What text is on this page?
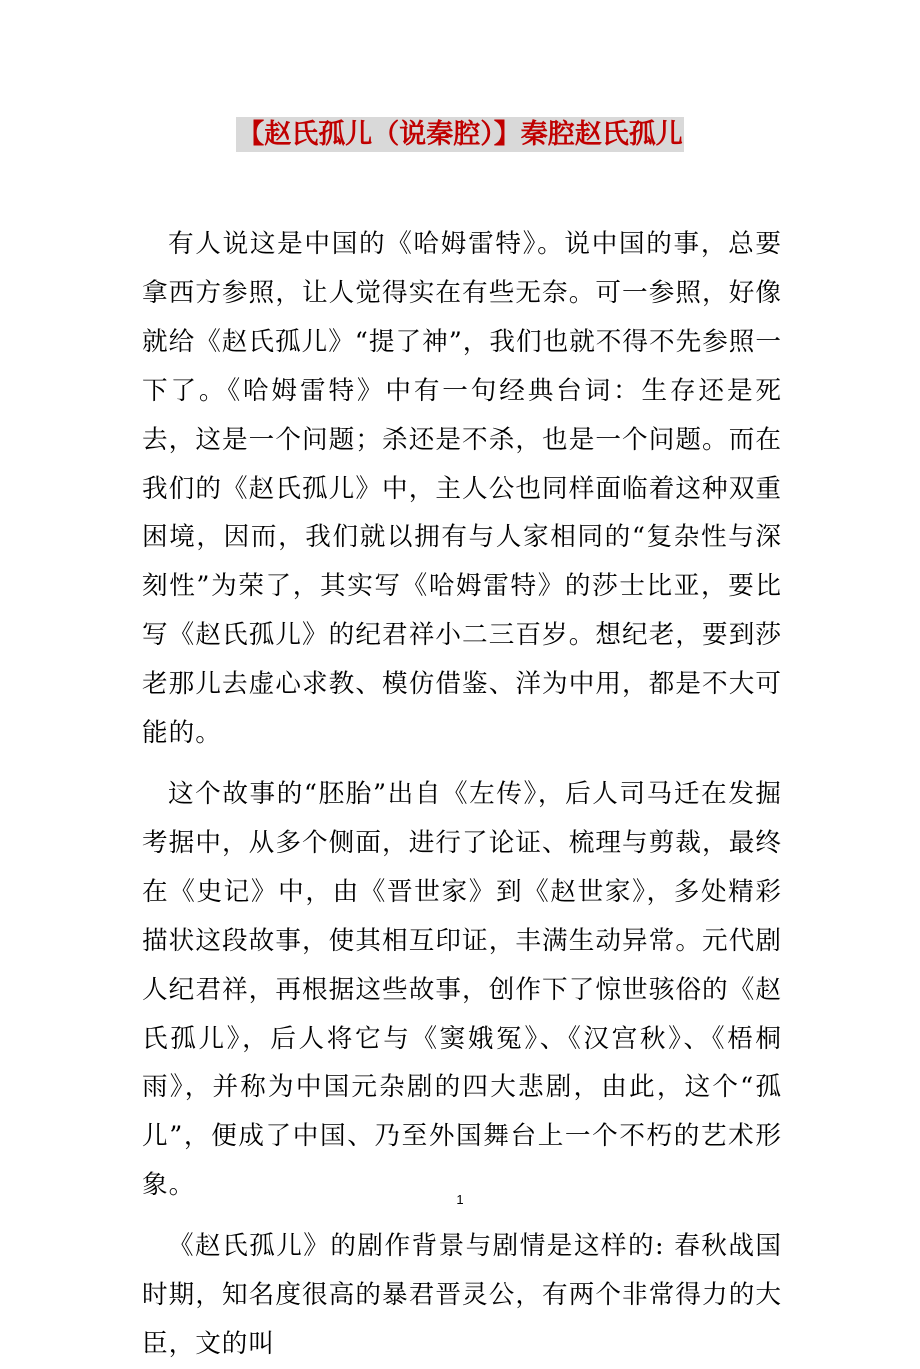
【赵氏孤儿（说秦腔）】秦腔赵氏孤儿

有人说这是中国的《哈姆雷特》。说中国的事，总要拿西方参照，让人觉得实在有些无奈。可一参照，好像就给《赵氏孤儿》“提了神”，我们也就不得不先参照一下了。《哈姆雷特》中有一句经典台词：生存还是死去，这是一个问题；杀还是不杀，也是一个问题。而在我们的《赵氏孤儿》中，主人公也同样面临着这种双重困境，因而，我们就以拥有与人家相同的“复杂性与深刻性”为荣了，其实写《哈姆雷特》的莎士比亚，要比写《赵氏孤儿》的纪君祥小二三百岁。想纪老，要到莎老那儿去虚心求教、模仿借鉴、洋为中用，都是不大可能的。

这个故事的“胚胎”出自《左传》，后人司马迁在发掘考据中，从多个侧面，进行了论证、梳理与剪裁，最终在《史记》中，由《晋世家》到《赵世家》，多处精彩描状这段故事，使其相互印证，丰满生动异常。元代剧人纪君祥，再根据这些故事，创作下了惊世骇俗的《赵氏孤儿》，后人将它与《窦娥冤》、《汉宫秋》、《梧桐雨》，并称为中国元杂剧的四大悲剧，由此，这个“孤儿”，便成了中国、乃至外国舞台上一个不朽的艺术形象。

《赵氏孤儿》的剧作背景与剧情是这样的: 春秋战国时期，知名度很高的暴君晋灵公，有两个非常得力的大臣，文的叫

1
